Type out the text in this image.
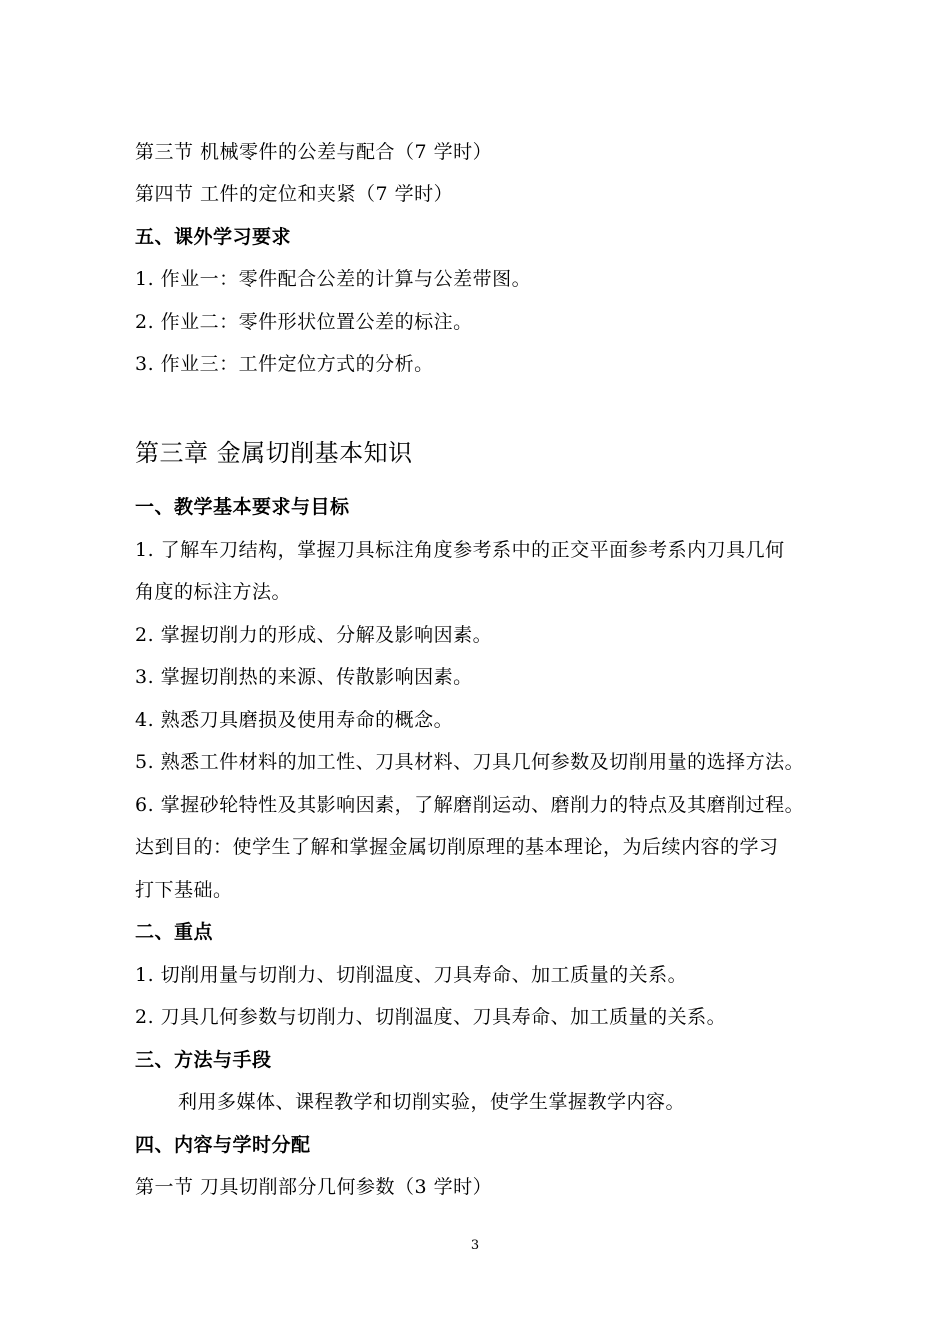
第三节 机械零件的公差与配合（7 学时）
第四节 工件的定位和夹紧（7 学时）
五、课外学习要求
1. 作业一：零件配合公差的计算与公差带图。
2. 作业二：零件形状位置公差的标注。
3. 作业三：工件定位方式的分析。
第三章 金属切削基本知识
一、教学基本要求与目标
1. 了解车刀结构，掌握刀具标注角度参考系中的正交平面参考系内刀具几何
角度的标注方法。
2. 掌握切削力的形成、分解及影响因素。
3. 掌握切削热的来源、传散影响因素。
4. 熟悉刀具磨损及使用寿命的概念。
5. 熟悉工件材料的加工性、刀具材料、刀具几何参数及切削用量的选择方法。
6. 掌握砂轮特性及其影响因素，了解磨削运动、磨削力的特点及其磨削过程。
达到目的：使学生了解和掌握金属切削原理的基本理论，为后续内容的学习
打下基础。
二、重点
1. 切削用量与切削力、切削温度、刀具寿命、加工质量的关系。
2. 刀具几何参数与切削力、切削温度、刀具寿命、加工质量的关系。
三、方法与手段
利用多媒体、课程教学和切削实验，使学生掌握教学内容。
四、内容与学时分配
第一节 刀具切削部分几何参数（3 学时）
3
